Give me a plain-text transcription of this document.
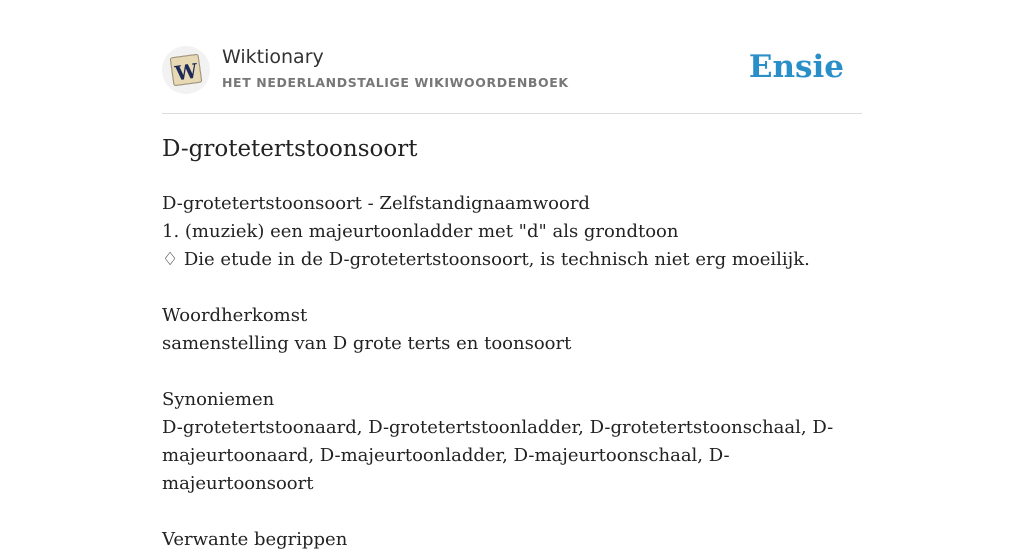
W
Wiktionary
HET NEDERLANDSTALIGE WIKIWOORDENBOEK	Ensie
D-grotetertstoonsoort
D-grotetertstoonsoort - Zelfstandignaamwoord
1. (muziek) een majeurtoonladder met "d" als grondtoon
♢ Die etude in de D-grotetertstoonsoort, is technisch niet erg moeilijk.
Woordherkomst
samenstelling van D grote terts en toonsoort
Synoniemen
D-grotetertstoonaard, D-grotetertstoonladder, D-grotetertstoonschaal, D-majeurtoonaard, D-majeurtoonladder, D-majeurtoonschaal, D-majeurtoonsoort
Verwante begrippen
